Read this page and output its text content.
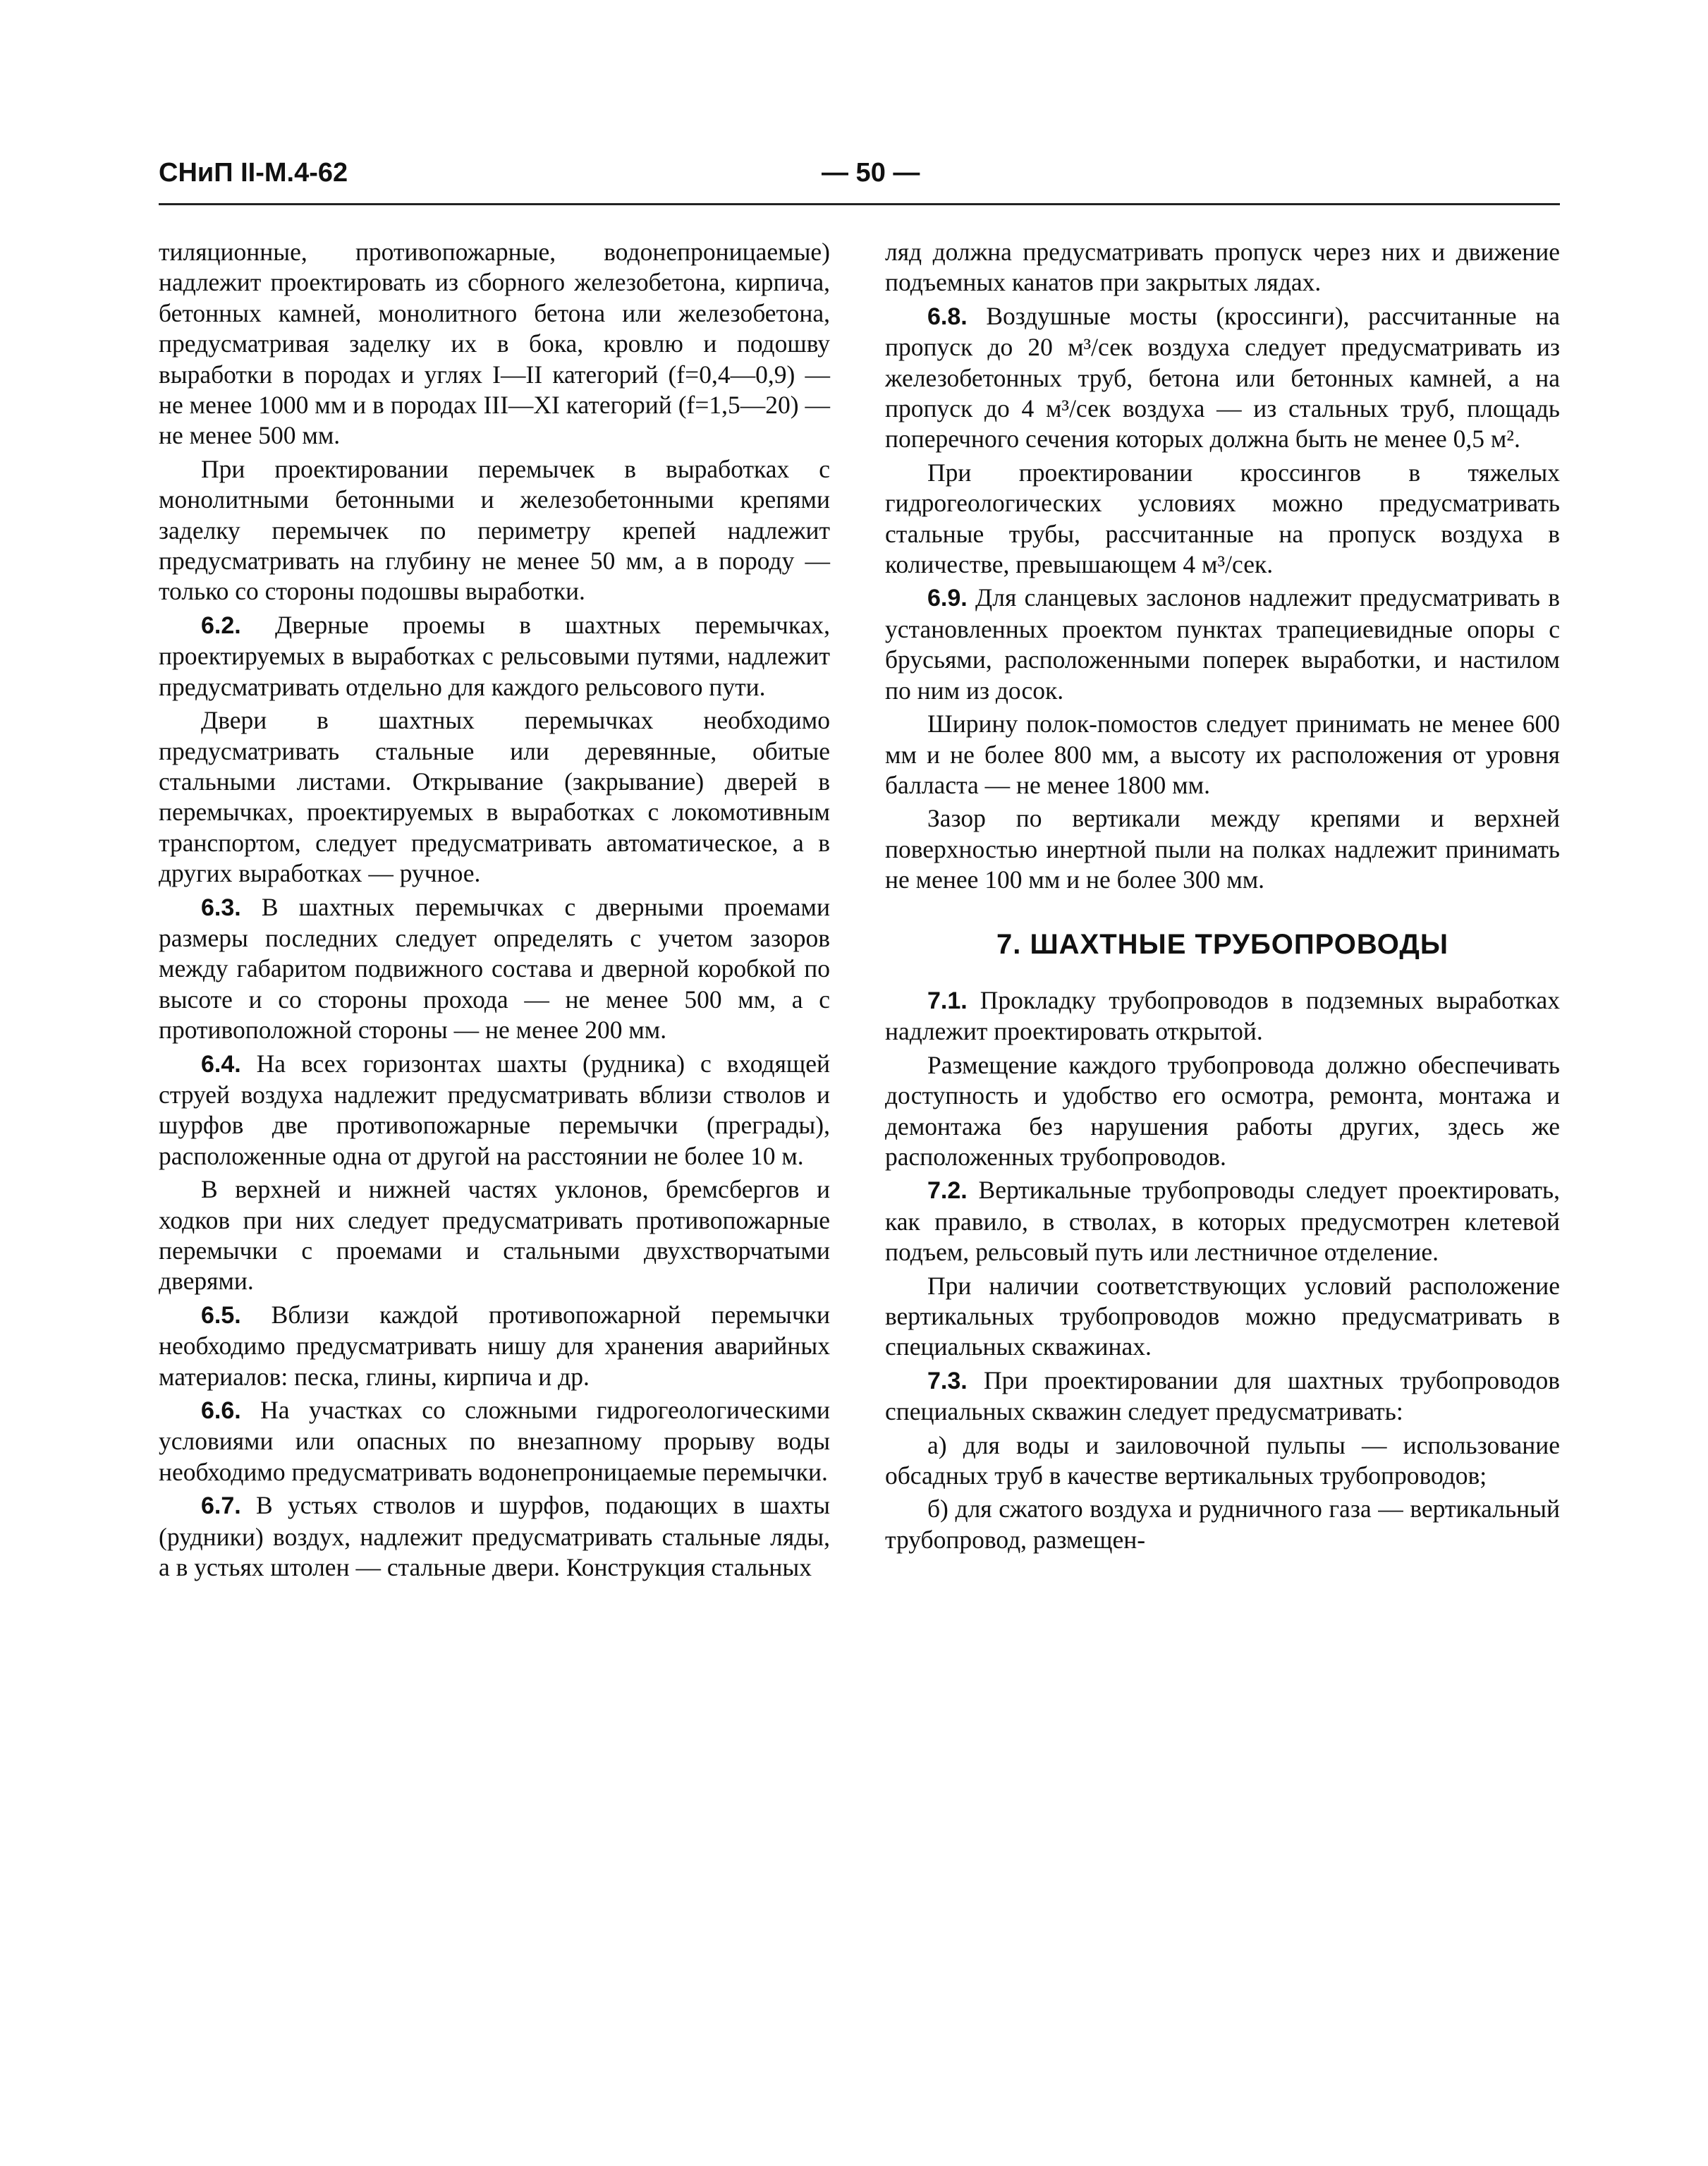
СНиП II-М.4-62	— 50 —

тиляционные, противопожарные, водонепроницаемые) надлежит проектировать из сборного железобетона, кирпича, бетонных камней, монолитного бетона или железобетона, предусматривая заделку их в бока, кровлю и подошву выработки в породах и углях I—II категорий (f=0,4—0,9) — не менее 1000 мм и в породах III—XI категорий (f=1,5—20) — не менее 500 мм.

При проектировании перемычек в выработках с монолитными бетонными и железобетонными крепями заделку перемычек по периметру крепей надлежит предусматривать на глубину не менее 50 мм, а в породу — только со стороны подошвы выработки.

6.2. Дверные проемы в шахтных перемычках, проектируемых в выработках с рельсовыми путями, надлежит предусматривать отдельно для каждого рельсового пути.

Двери в шахтных перемычках необходимо предусматривать стальные или деревянные, обитые стальными листами. Открывание (закрывание) дверей в перемычках, проектируемых в выработках с локомотивным транспортом, следует предусматривать автоматическое, а в других выработках — ручное.

6.3. В шахтных перемычках с дверными проемами размеры последних следует определять с учетом зазоров между габаритом подвижного состава и дверной коробкой по высоте и со стороны прохода — не менее 500 мм, а с противоположной стороны — не менее 200 мм.

6.4. На всех горизонтах шахты (рудника) с входящей струей воздуха надлежит предусматривать вблизи стволов и шурфов две противопожарные перемычки (преграды), расположенные одна от другой на расстоянии не более 10 м.

В верхней и нижней частях уклонов, бремсбергов и ходков при них следует предусматривать противопожарные перемычки с проемами и стальными двухстворчатыми дверями.

6.5. Вблизи каждой противопожарной перемычки необходимо предусматривать нишу для хранения аварийных материалов: песка, глины, кирпича и др.

6.6. На участках со сложными гидрогеологическими условиями или опасных по внезапному прорыву воды необходимо предусматривать водонепроницаемые перемычки.

6.7. В устьях стволов и шурфов, подающих в шахты (рудники) воздух, надлежит предусматривать стальные ляды, а в устьях штолен — стальные двери. Конструкция стальных

ляд должна предусматривать пропуск через них и движение подъемных канатов при закрытых лядах.

6.8. Воздушные мосты (кроссинги), рассчитанные на пропуск до 20 м³/сек воздуха следует предусматривать из железобетонных труб, бетона или бетонных камней, а на пропуск до 4 м³/сек воздуха — из стальных труб, площадь поперечного сечения которых должна быть не менее 0,5 м².

При проектировании кроссингов в тяжелых гидрогеологических условиях можно предусматривать стальные трубы, рассчитанные на пропуск воздуха в количестве, превышающем 4 м³/сек.

6.9. Для сланцевых заслонов надлежит предусматривать в установленных проектом пунктах трапециевидные опоры с брусьями, расположенными поперек выработки, и настилом по ним из досок.

Ширину полок-помостов следует принимать не менее 600 мм и не более 800 мм, а высоту их расположения от уровня балласта — не менее 1800 мм.

Зазор по вертикали между крепями и верхней поверхностью инертной пыли на полках надлежит принимать не менее 100 мм и не более 300 мм.

7. ШАХТНЫЕ ТРУБОПРОВОДЫ

7.1. Прокладку трубопроводов в подземных выработках надлежит проектировать открытой.

Размещение каждого трубопровода должно обеспечивать доступность и удобство его осмотра, ремонта, монтажа и демонтажа без нарушения работы других, здесь же расположенных трубопроводов.

7.2. Вертикальные трубопроводы следует проектировать, как правило, в стволах, в которых предусмотрен клетевой подъем, рельсовый путь или лестничное отделение.

При наличии соответствующих условий расположение вертикальных трубопроводов можно предусматривать в специальных скважинах.

7.3. При проектировании для шахтных трубопроводов специальных скважин следует предусматривать:

а) для воды и заиловочной пульпы — использование обсадных труб в качестве вертикальных трубопроводов;

б) для сжатого воздуха и рудничного газа — вертикальный трубопровод, размещен-
